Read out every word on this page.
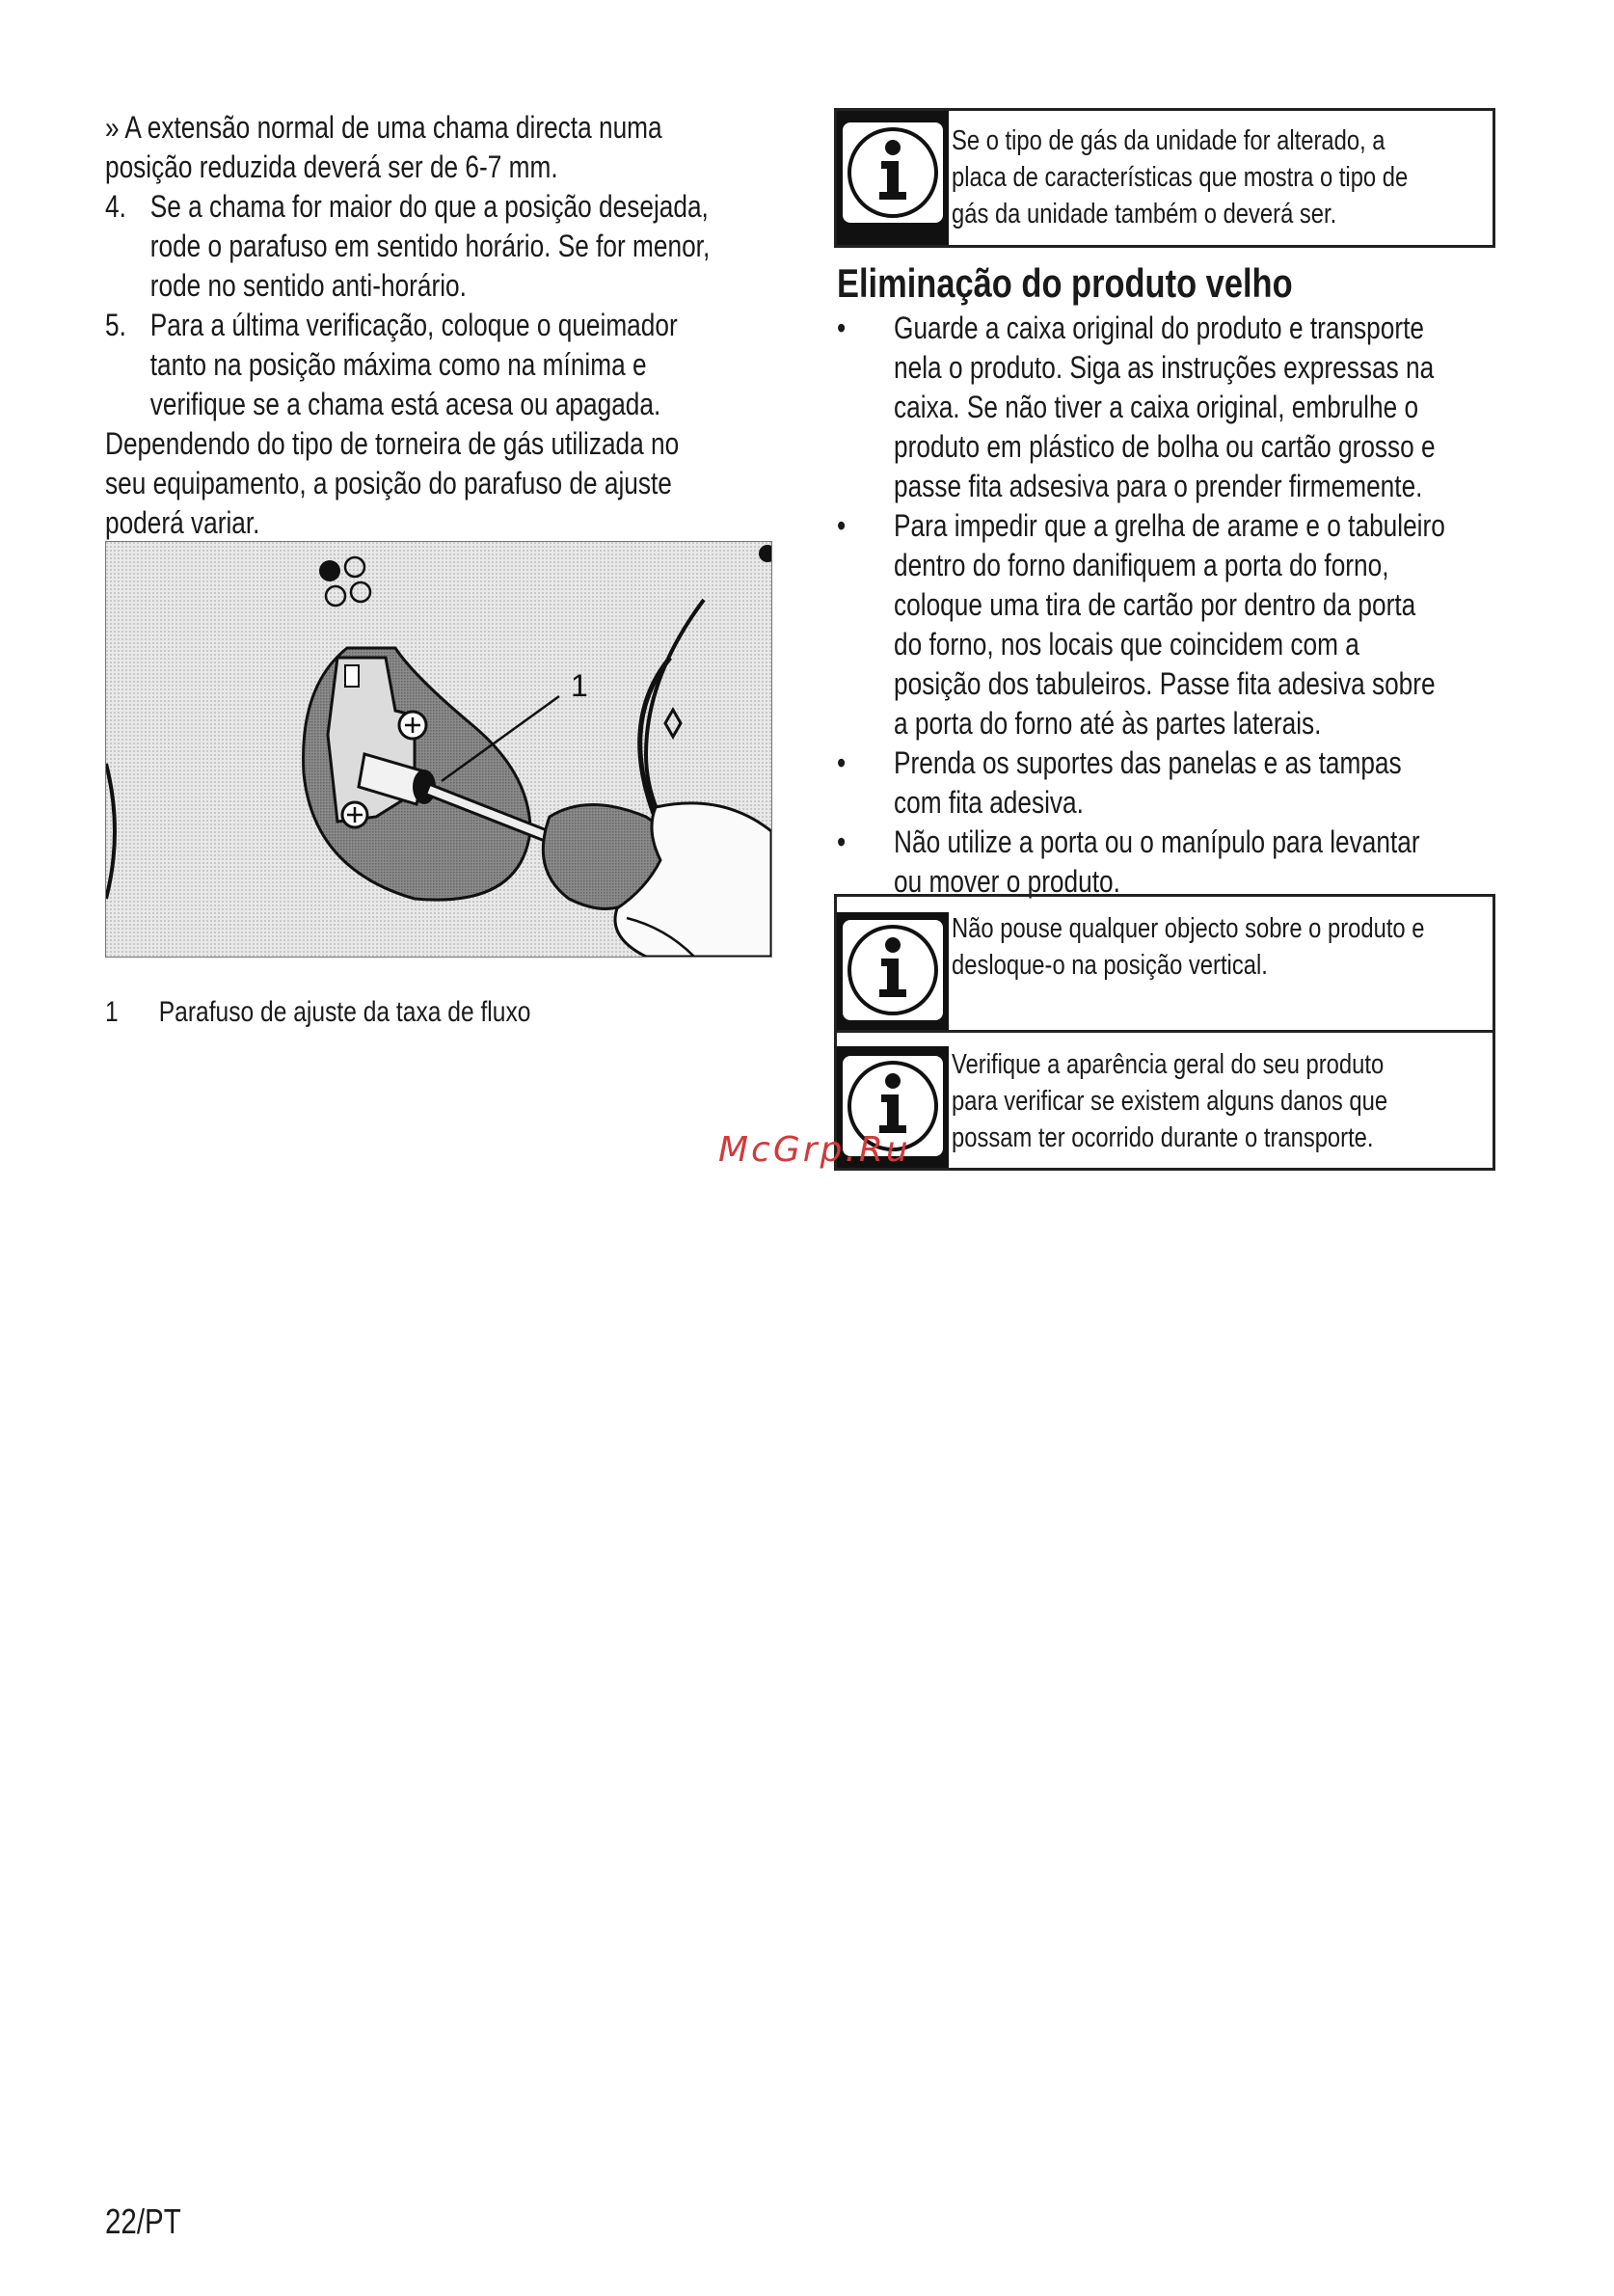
» A extensão normal de uma chama directa numa

posição reduzida deverá ser de 6-7 mm.

4. Se a chama for maior do que a posição desejada,
rode o parafuso em sentido horário. Se for menor,
rode no sentido anti-horário.
5. Para a última verificação, coloque o queimador
tanto na posição máxima como na mínima e
verifique se a chama está acesa ou apagada.

Dependendo do tipo de torneira de gás utilizada no

seu equipamento, a posição do parafuso de ajuste

poderá variar.

1
1 Parafuso de ajuste da taxa de fluxo
Se o tipo de gás da unidade for alterado, a
placa de características que mostra o tipo de
gás da unidade também o deverá ser.
Eliminação do produto velho
• Guarde a caixa original do produto e transporte
nela o produto. Siga as instruções expressas na
caixa. Se não tiver a caixa original, embrulhe o
produto em plástico de bolha ou cartão grosso e
passe fita adsesiva para o prender firmemente.
• Para impedir que a grelha de arame e o tabuleiro
dentro do forno danifiquem a porta do forno,
coloque uma tira de cartão por dentro da porta
do forno, nos locais que coincidem com a
posição dos tabuleiros. Passe fita adesiva sobre
a porta do forno até às partes laterais.
• Prenda os suportes das panelas e as tampas
com fita adesiva.
• Não utilize a porta ou o manípulo para levantar
ou mover o produto.
Não pouse qualquer objecto sobre o produto e
desloque-o na posição vertical.
Verifique a aparência geral do seu produto
para verificar se existem alguns danos que
possam ter ocorrido durante o transporte.
McGrp.Ru
22/PT
